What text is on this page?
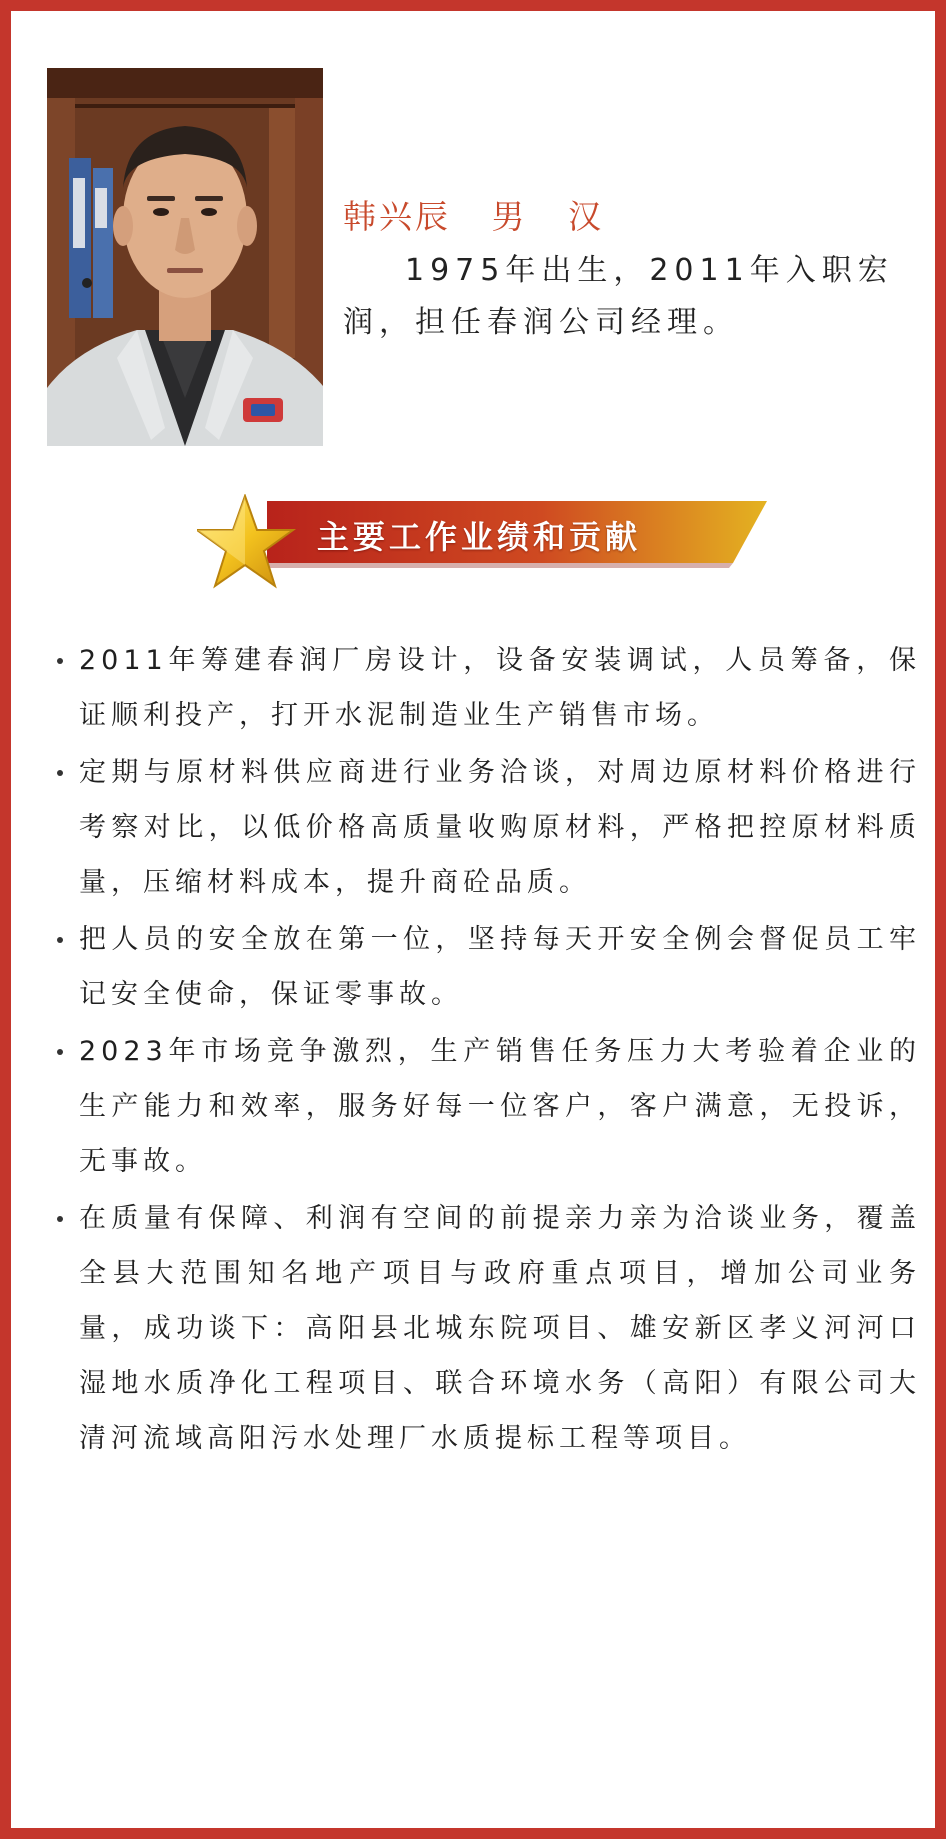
韩兴辰   男   汉
1975年出生，2011年入职宏润，担任春润公司经理。
主要工作业绩和贡献
2011年筹建春润厂房设计，设备安装调试，人员筹备，保证顺利投产，打开水泥制造业生产销售市场。
定期与原材料供应商进行业务洽谈，对周边原材料价格进行考察对比，以低价格高质量收购原材料，严格把控原材料质量，压缩材料成本，提升商砼品质。
把人员的安全放在第一位，坚持每天开安全例会督促员工牢记安全使命，保证零事故。
2023年市场竞争激烈，生产销售任务压力大考验着企业的生产能力和效率，服务好每一位客户，客户满意，无投诉，无事故。
在质量有保障、利润有空间的前提亲力亲为洽谈业务，覆盖全县大范围知名地产项目与政府重点项目，增加公司业务量，成功谈下：高阳县北城东院项目、雄安新区孝义河河口湿地水质净化工程项目、联合环境水务（高阳）有限公司大清河流域高阳污水处理厂水质提标工程等项目。
